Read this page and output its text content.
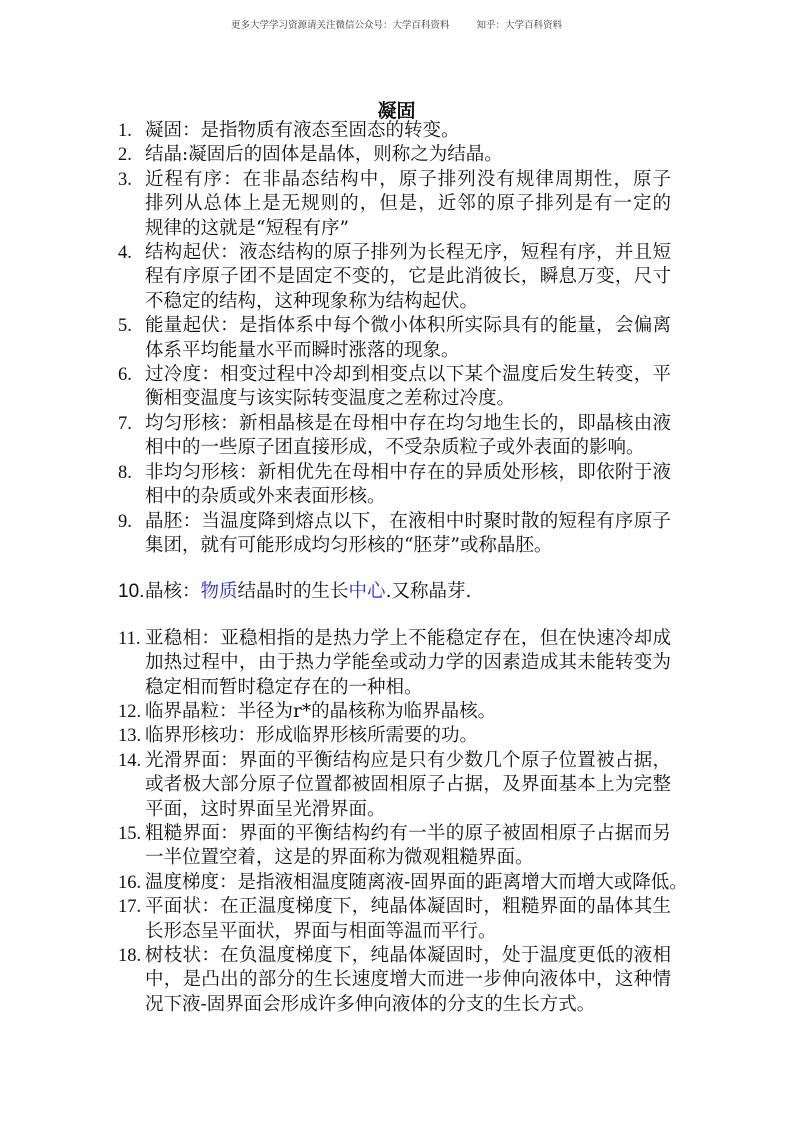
更多大学学习资源请关注微信公众号：大学百科资料	知乎：大学百科资料
凝固
1. 凝固：是指物质有液态至固态的转变。
2. 结晶:凝固后的固体是晶体，则称之为结晶。
3. 近程有序：在非晶态结构中，原子排列没有规律周期性，原子
排列从总体上是无规则的，但是，近邻的原子排列是有一定的
规律的这就是“短程有序”
4. 结构起伏：液态结构的原子排列为长程无序，短程有序，并且短
程有序原子团不是固定不变的，它是此消彼长，瞬息万变，尺寸
不稳定的结构，这种现象称为结构起伏。
5. 能量起伏：是指体系中每个微小体积所实际具有的能量，会偏离
体系平均能量水平而瞬时涨落的现象。
6. 过冷度：相变过程中冷却到相变点以下某个温度后发生转变，平
衡相变温度与该实际转变温度之差称过冷度。
7. 均匀形核：新相晶核是在母相中存在均匀地生长的，即晶核由液
相中的一些原子团直接形成，不受杂质粒子或外表面的影响。
8. 非均匀形核：新相优先在母相中存在的异质处形核，即依附于液
相中的杂质或外来表面形核。
9. 晶胚：当温度降到熔点以下，在液相中时聚时散的短程有序原子
集团，就有可能形成均匀形核的“胚芽”或称晶胚。
10. 晶核：物质结晶时的生长中心.又称晶芽.
11. 亚稳相：亚稳相指的是热力学上不能稳定存在，但在快速冷却成
加热过程中，由于热力学能垒或动力学的因素造成其未能转变为
稳定相而暂时稳定存在的一种相。
12. 临界晶粒：半径为r*的晶核称为临界晶核。
13. 临界形核功：形成临界形核所需要的功。
14. 光滑界面：界面的平衡结构应是只有少数几个原子位置被占据，
或者极大部分原子位置都被固相原子占据，及界面基本上为完整
平面，这时界面呈光滑界面。
15. 粗糙界面：界面的平衡结构约有一半的原子被固相原子占据而另
一半位置空着，这是的界面称为微观粗糙界面。
16. 温度梯度：是指液相温度随离液-固界面的距离增大而增大或降低。
17. 平面状：在正温度梯度下，纯晶体凝固时，粗糙界面的晶体其生
长形态呈平面状，界面与相面等温而平行。
18. 树枝状：在负温度梯度下，纯晶体凝固时，处于温度更低的液相
中，是凸出的部分的生长速度增大而进一步伸向液体中，这种情
况下液-固界面会形成许多伸向液体的分支的生长方式。
